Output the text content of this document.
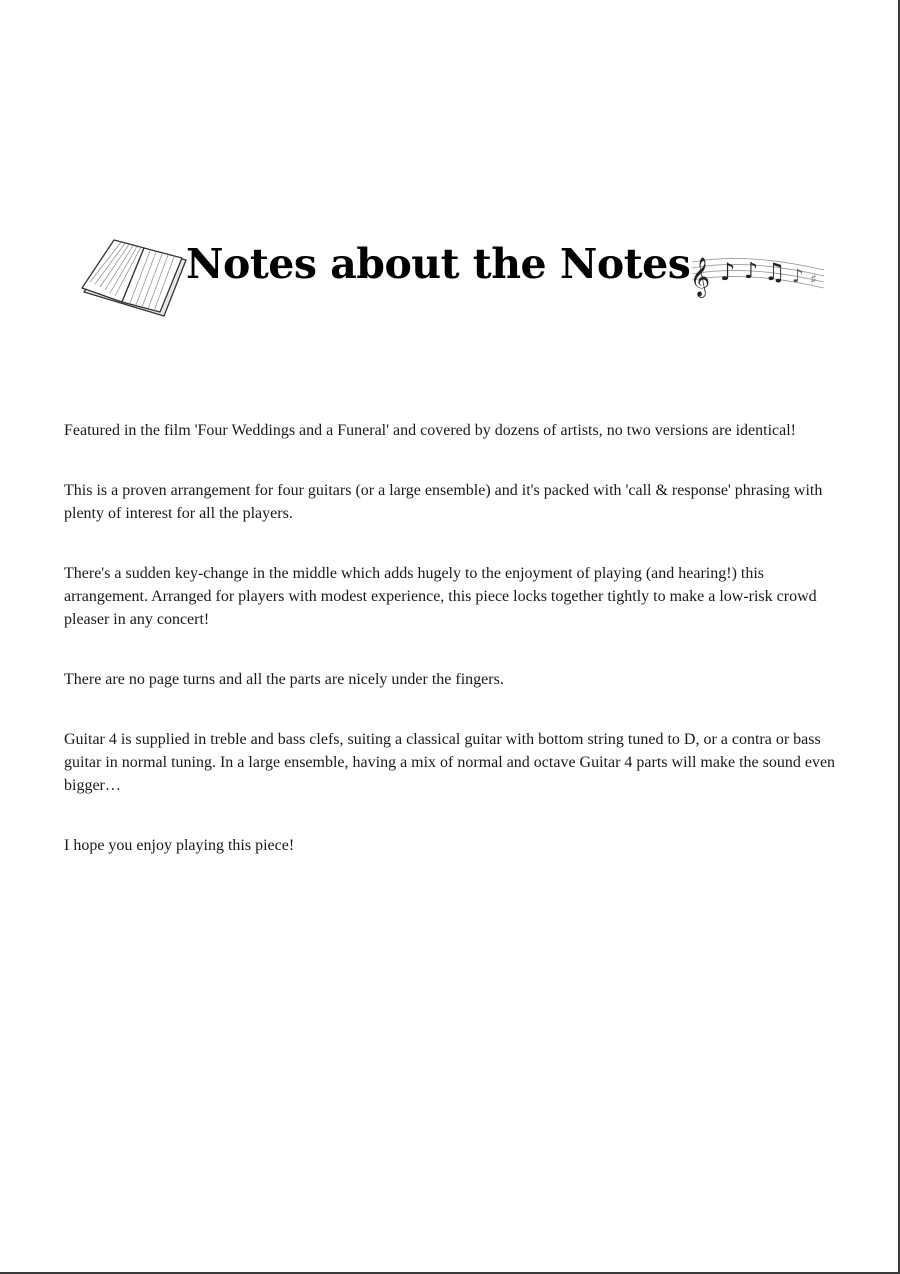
Notes about the Notes 𝄞 ♪ ♪ ♫ ♪ ♯

Featured in the film 'Four Weddings and a Funeral' and covered by dozens of artists, no two versions are identical!

This is a proven arrangement for four guitars (or a large ensemble) and it's packed with 'call & response' phrasing with plenty of interest for all the players.

There's a sudden key-change in the middle which adds hugely to the enjoyment of playing (and hearing!) this arrangement. Arranged for players with modest experience, this piece locks together tightly to make a low-risk crowd pleaser in any concert!

There are no page turns and all the parts are nicely under the fingers.

Guitar 4 is supplied in treble and bass clefs, suiting a classical guitar with bottom string tuned to D, or a contra or bass guitar in normal tuning. In a large ensemble, having a mix of normal and octave Guitar 4 parts will make the sound even bigger…

I hope you enjoy playing this piece!
